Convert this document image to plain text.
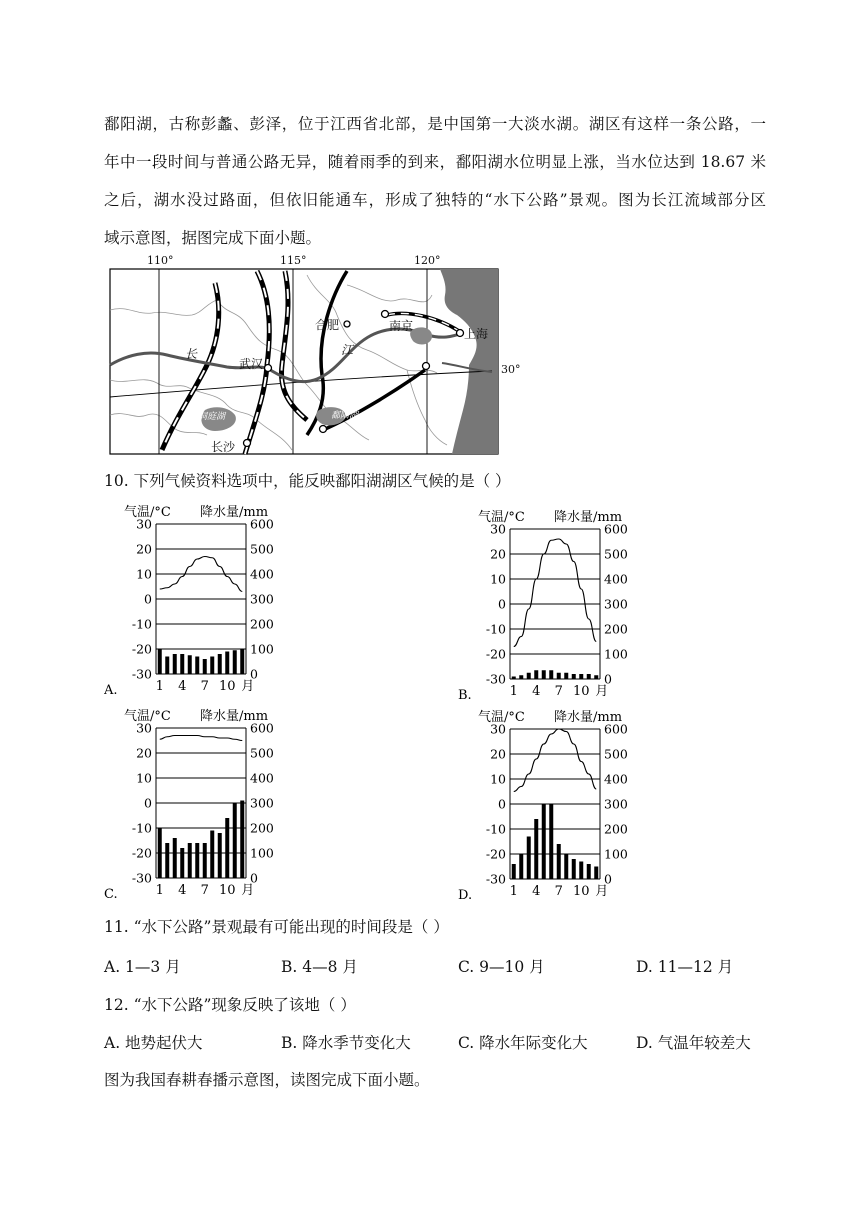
鄱阳湖，古称彭蠡、彭泽，位于江西省北部，是中国第一大淡水湖。湖区有这样一条公路，一
年中一段时间与普通公路无异，随着雨季的到来，鄱阳湖水位明显上涨，当水位达到 18.67 米
之后，湖水没过路面，但依旧能通车，形成了独特的“水下公路”景观。图为长江流域部分区
域示意图，据图完成下面小题。
110°	115°	120°
30°
合肥	南京
上海
武汉
长沙
洞庭湖	鄱阳湖
长	江
10. 下列气候资料选项中，能反映鄱阳湖湖区气候的是（ ）
气温/°C 降水量/mm
30	600
20	500
10	400
0	300
-10	200
-20	100
-30	0
1 4 7 10 月
A.
气温/°C 降水量/mm
30	600
20	500
10	400
0	300
-10	200
-20	100
-30	0
1 4 7 10 月
B.
气温/°C 降水量/mm
30	600
20	500
10	400
0	300
-10	200
-20	100
-30	0
1 4 7 10 月
C.
气温/°C 降水量/mm
30	600
20	500
10	400
0	300
-10	200
-20	100
-30	0
1 4 7 10 月
D.
11. “水下公路”景观最有可能出现的时间段是（ ）
A. 1—3 月	B. 4—8 月	C. 9—10 月	D. 11—12 月
12. “水下公路”现象反映了该地（ ）
A. 地势起伏大	B. 降水季节变化大	C. 降水年际变化大	D. 气温年较差大
图为我国春耕春播示意图，读图完成下面小题。
